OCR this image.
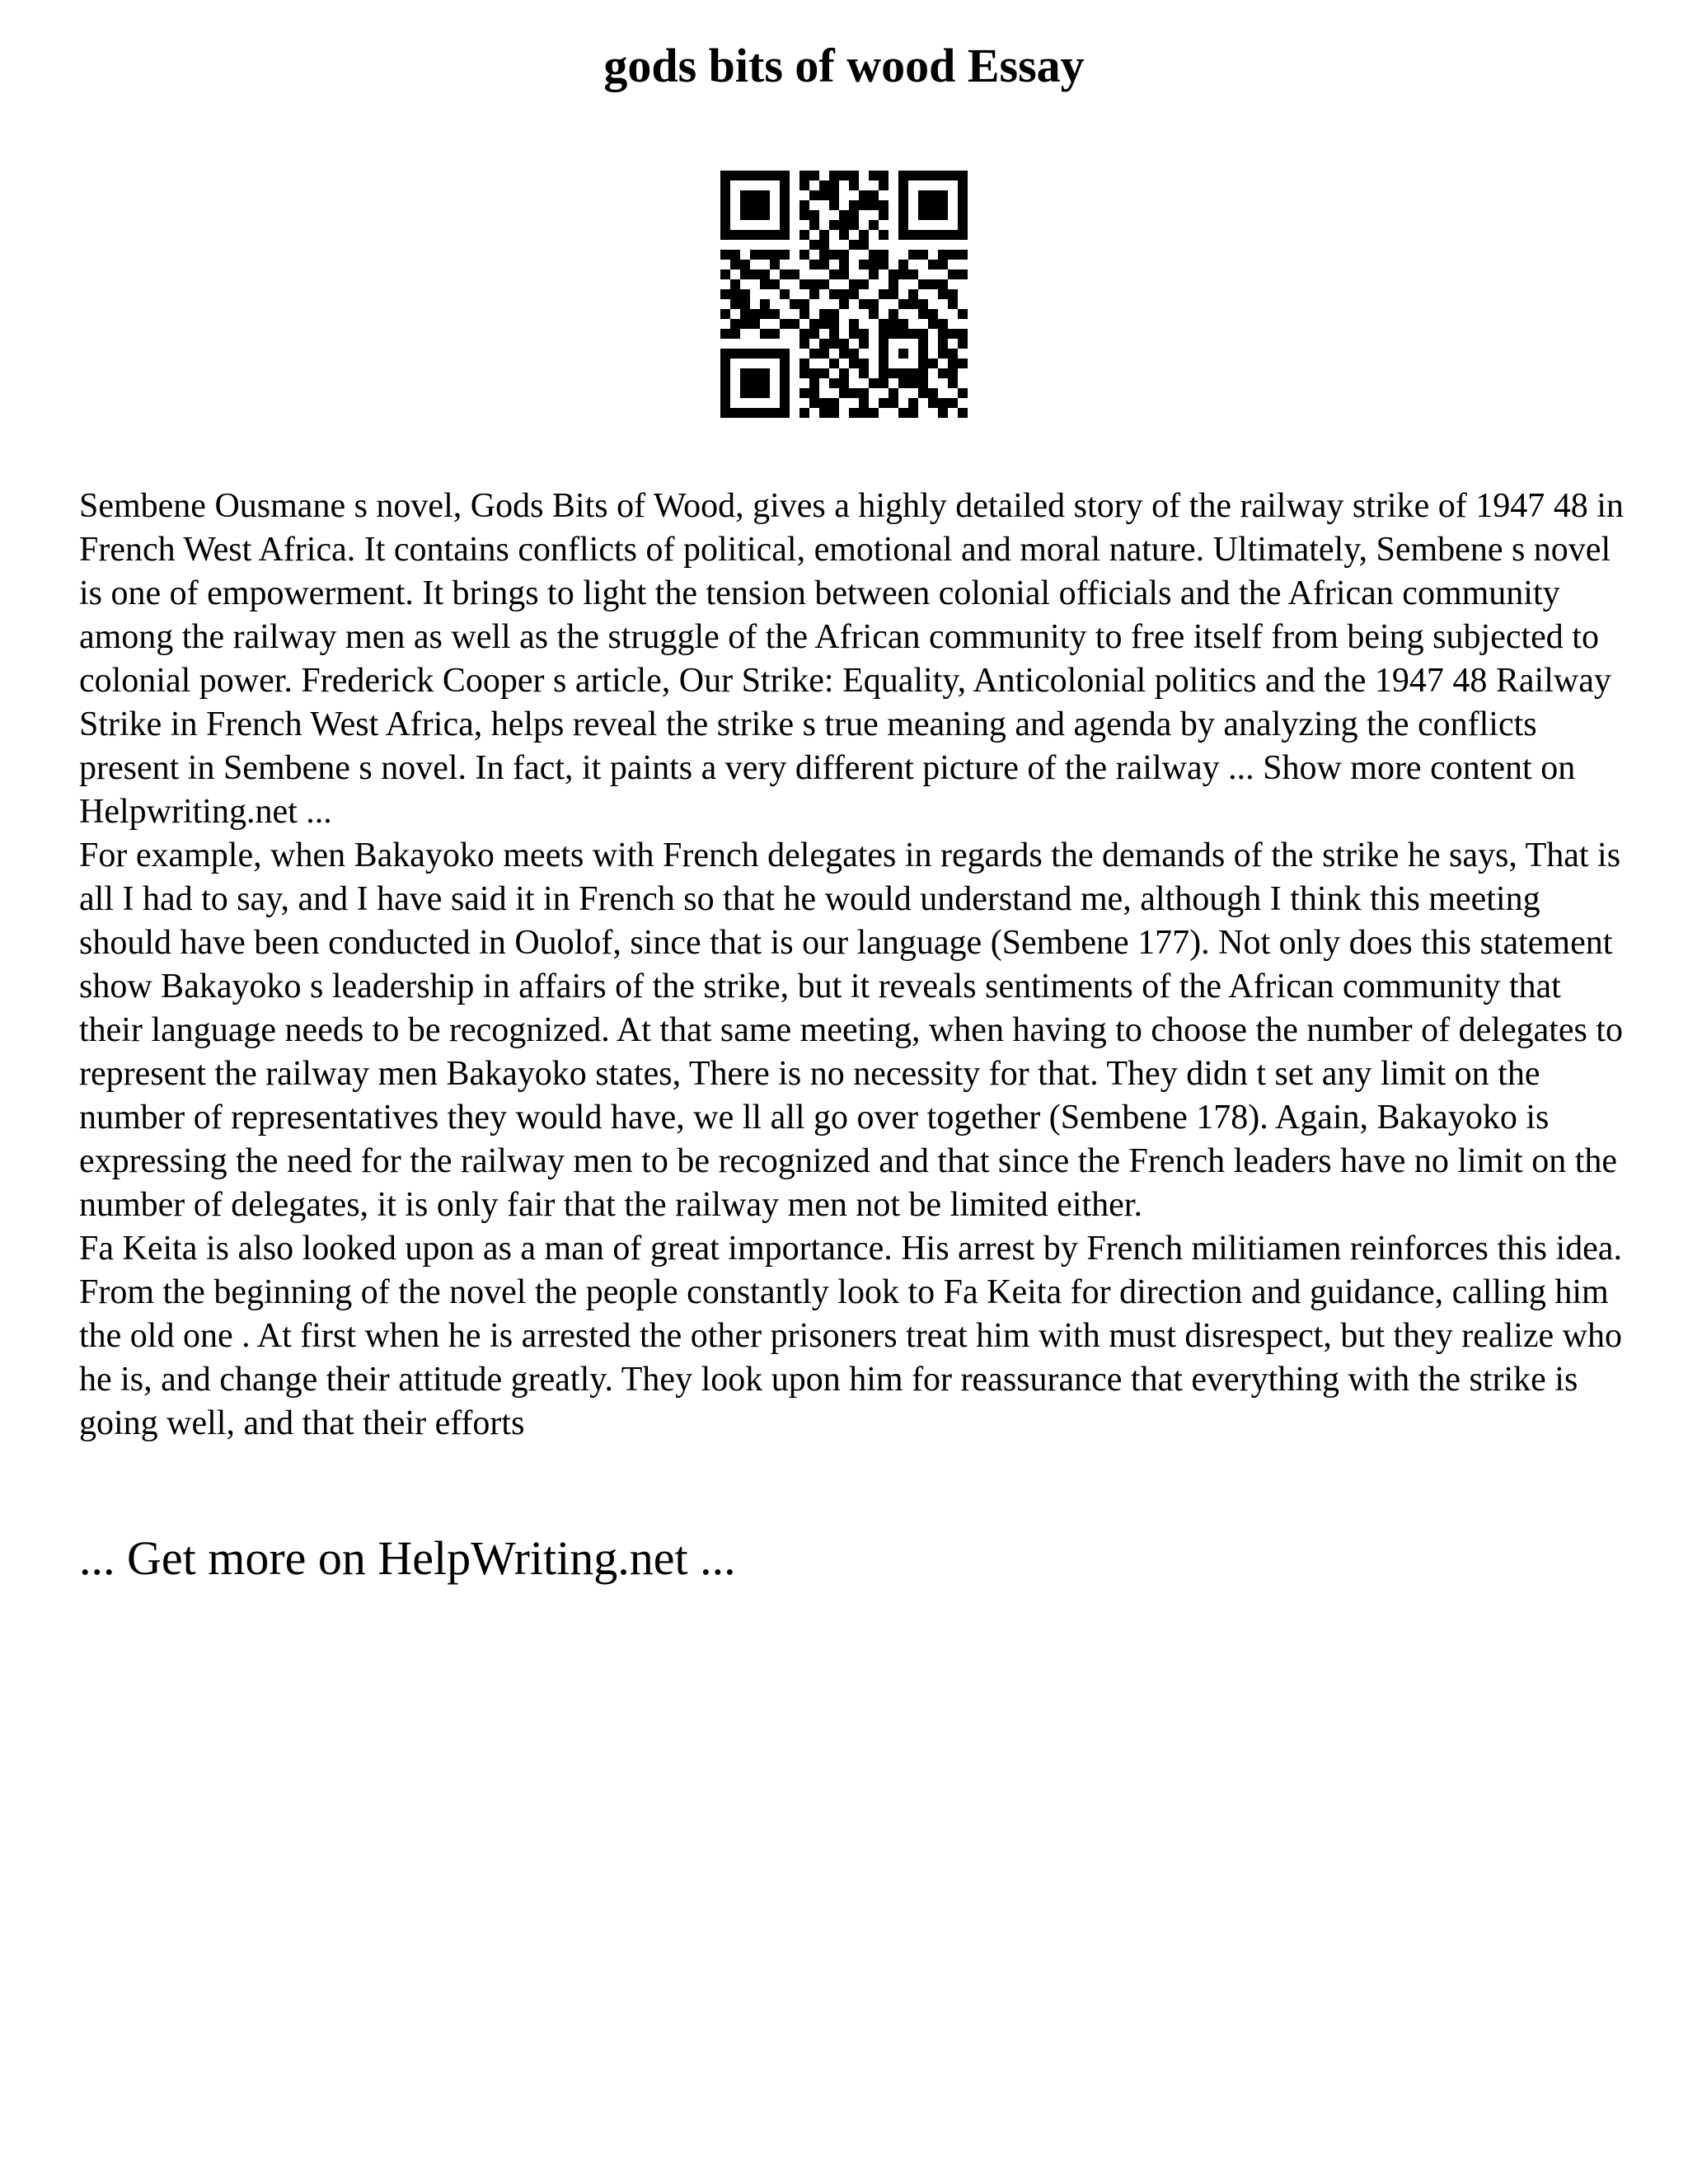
gods bits of wood Essay

Sembene Ousmane s novel, Gods Bits of Wood, gives a highly detailed story of the railway strike of 1947 48 in French West Africa. It contains conflicts of political, emotional and moral nature. Ultimately, Sembene s novel is one of empowerment. It brings to light the tension between colonial officials and the African community among the railway men as well as the struggle of the African community to free itself from being subjected to colonial power. Frederick Cooper s article, Our Strike: Equality, Anticolonial politics and the 1947 48 Railway Strike in French West Africa, helps reveal the strike s true meaning and agenda by analyzing the conflicts present in Sembene s novel. In fact, it paints a very different picture of the railway ... Show more content on Helpwriting.net ...

For example, when Bakayoko meets with French delegates in regards the demands of the strike he says, That is all I had to say, and I have said it in French so that he would understand me, although I think this meeting should have been conducted in Ouolof, since that is our language (Sembene 177). Not only does this statement show Bakayoko s leadership in affairs of the strike, but it reveals sentiments of the African community that their language needs to be recognized. At that same meeting, when having to choose the number of delegates to represent the railway men Bakayoko states, There is no necessity for that. They didn t set any limit on the number of representatives they would have, we ll all go over together (Sembene 178). Again, Bakayoko is expressing the need for the railway men to be recognized and that since the French leaders have no limit on the number of delegates, it is only fair that the railway men not be limited either.

Fa Keita is also looked upon as a man of great importance. His arrest by French militiamen reinforces this idea. From the beginning of the novel the people constantly look to Fa Keita for direction and guidance, calling him the old one . At first when he is arrested the other prisoners treat him with must disrespect, but they realize who he is, and change their attitude greatly. They look upon him for reassurance that everything with the strike is going well, and that their efforts

... Get more on HelpWriting.net ...
